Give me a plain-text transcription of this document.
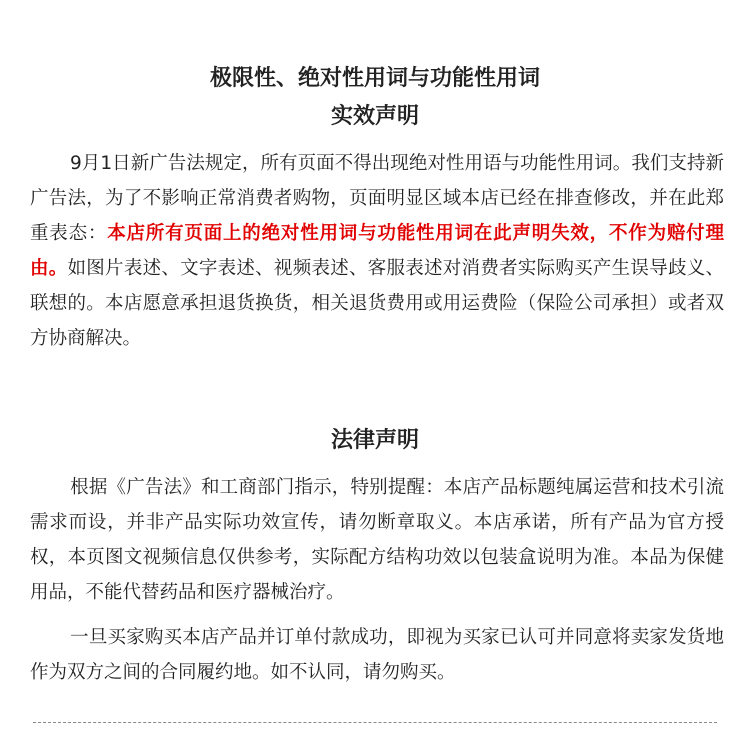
极限性、绝对性用词与功能性用词
实效声明
9月1日新广告法规定，所有页面不得出现绝对性用语与功能性用词。我们支持新广告法，为了不影响正常消费者购物，页面明显区域本店已经在排查修改，并在此郑重表态：本店所有页面上的绝对性用词与功能性用词在此声明失效，不作为赔付理由。如图片表述、文字表述、视频表述、客服表述对消费者实际购买产生误导歧义、联想的。本店愿意承担退货换货，相关退货费用或用运费险（保险公司承担）或者双方协商解决。
法律声明
根据《广告法》和工商部门指示，特别提醒：本店产品标题纯属运营和技术引流需求而设，并非产品实际功效宣传，请勿断章取义。本店承诺，所有产品为官方授权，本页图文视频信息仅供参考，实际配方结构功效以包装盒说明为准。本品为保健用品，不能代替药品和医疗器械治疗。
一旦买家购买本店产品并订单付款成功，即视为买家已认可并同意将卖家发货地作为双方之间的合同履约地。如不认同，请勿购买。
